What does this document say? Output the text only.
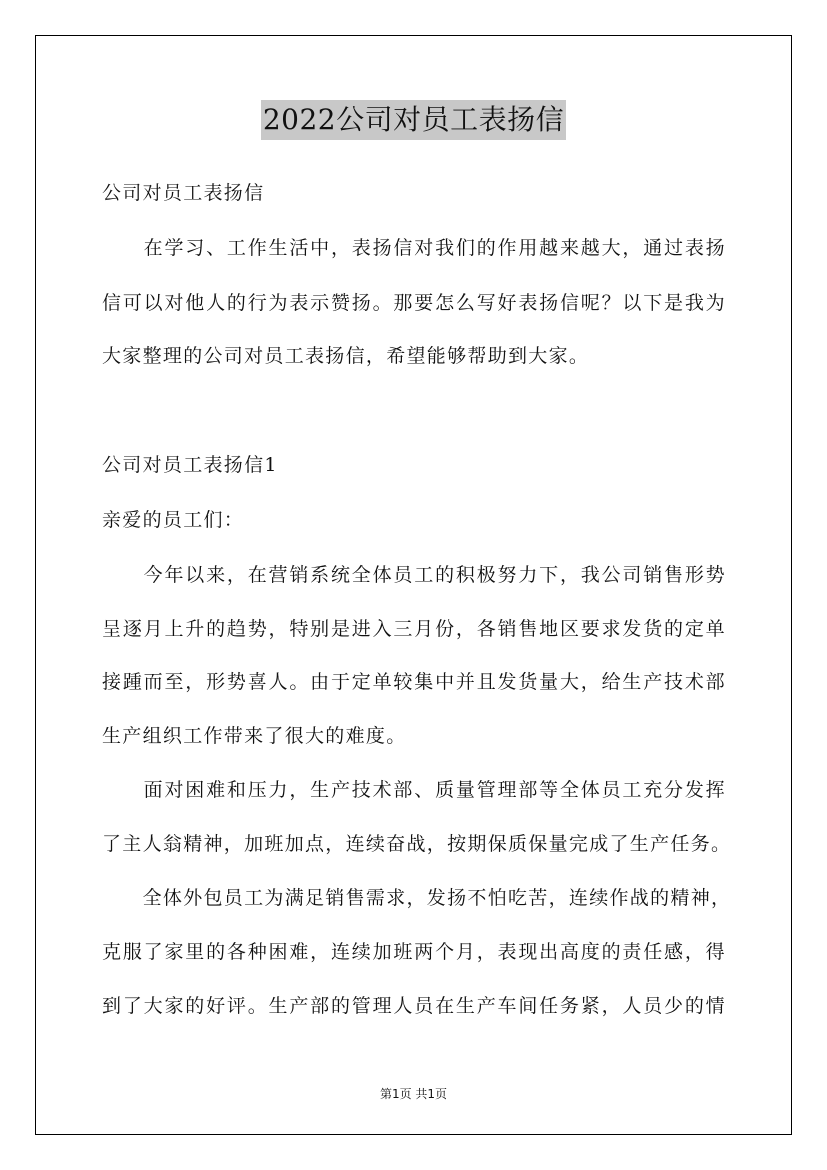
2022公司对员工表扬信
公司对员工表扬信
　　在学习、工作生活中，表扬信对我们的作用越来越大，通过表扬
信可以对他人的行为表示赞扬。那要怎么写好表扬信呢？以下是我为
大家整理的公司对员工表扬信，希望能够帮助到大家。
公司对员工表扬信1
亲爱的员工们：
　　今年以来，在营销系统全体员工的积极努力下，我公司销售形势
呈逐月上升的趋势，特别是进入三月份，各销售地区要求发货的定单
接踵而至，形势喜人。由于定单较集中并且发货量大，给生产技术部
生产组织工作带来了很大的难度。
　　面对困难和压力，生产技术部、质量管理部等全体员工充分发挥
了主人翁精神，加班加点，连续奋战，按期保质保量完成了生产任务。
　　全体外包员工为满足销售需求，发扬不怕吃苦，连续作战的精神，
克服了家里的各种困难，连续加班两个月，表现出高度的责任感，得
到了大家的好评。生产部的管理人员在生产车间任务紧，人员少的情
第1页 共1页
